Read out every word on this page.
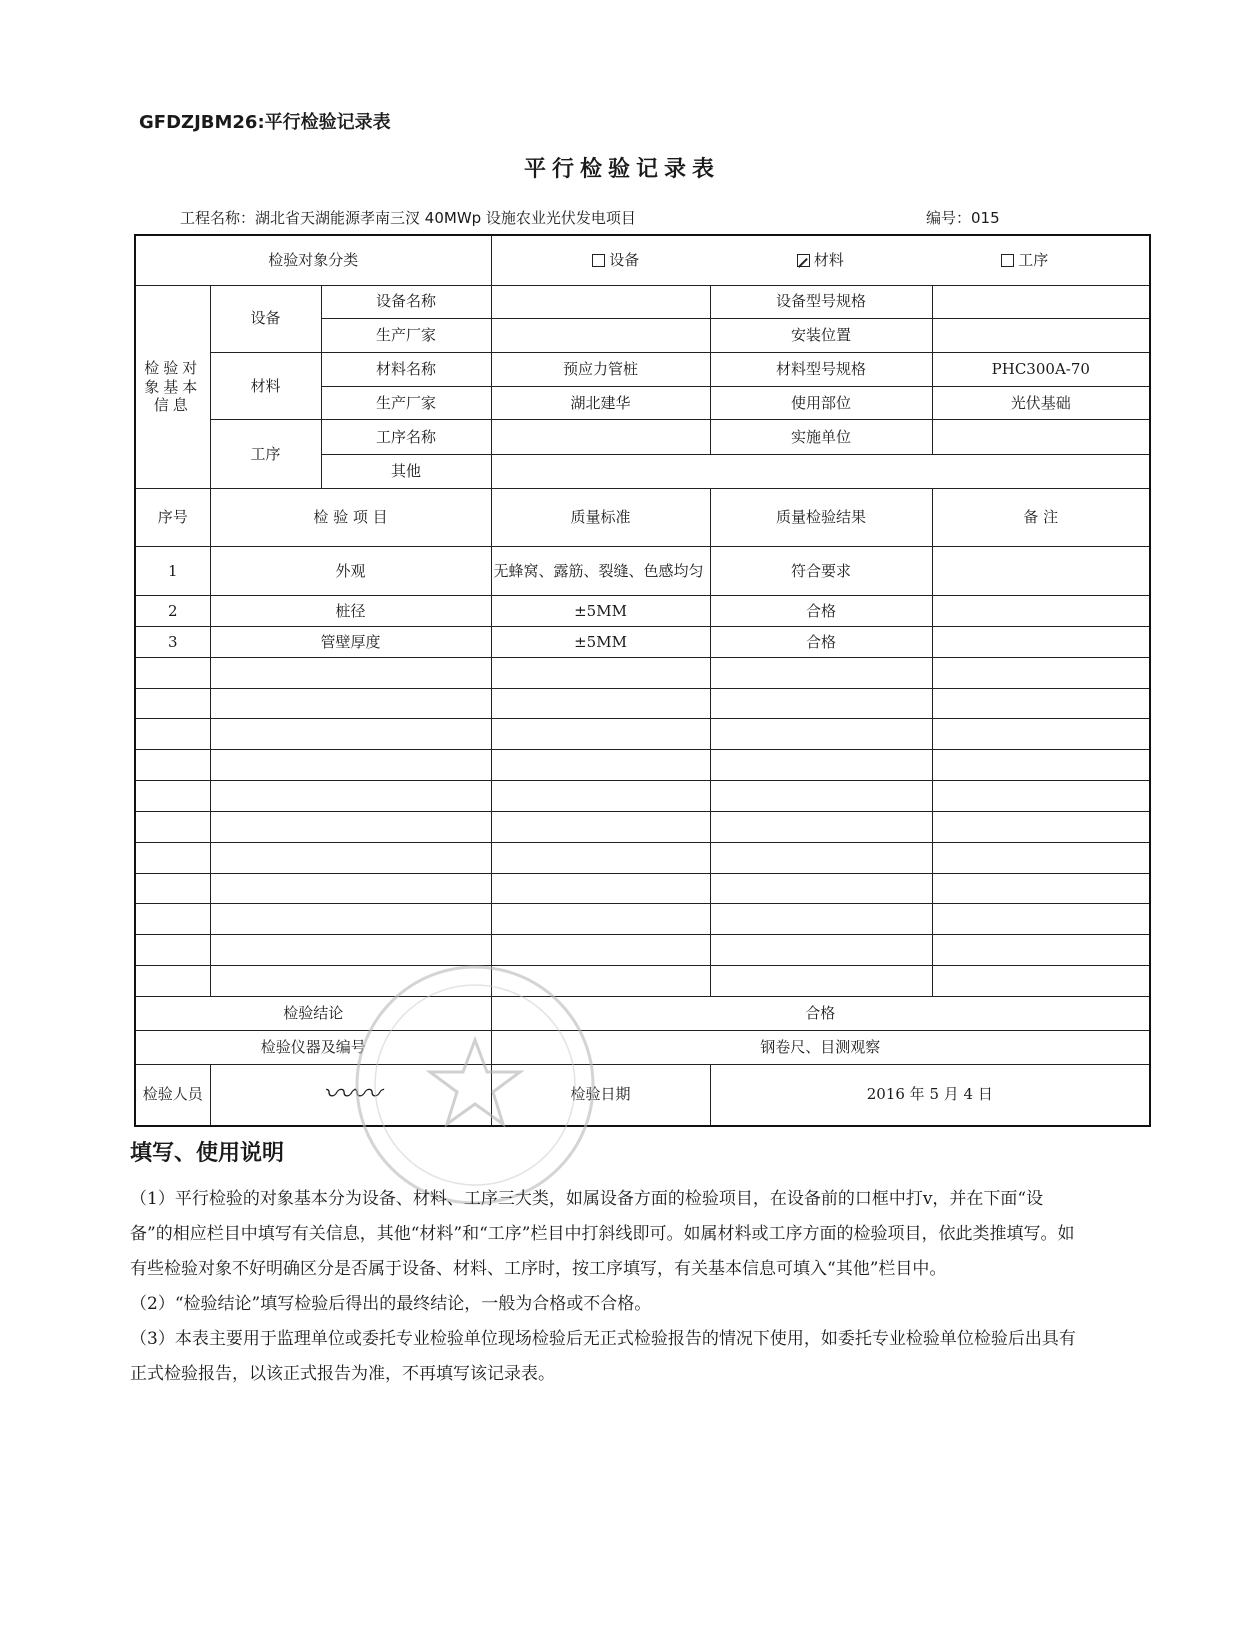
GFDZJBM26:平行检验记录表
平行检验记录表
工程名称：湖北省天湖能源孝南三汊 40MWp 设施农业光伏发电项目	编号：015
检验对象分类			设备 材料 工序		

检验对象基本信息	设备	设备名称		设备型号规格	
		生产厂家		安装位置	
	材料	材料名称	预应力管桩	材料型号规格	PHC300A-70
		生产厂家	湖北建华	使用部位	光伏基础
	工序	工序名称		实施单位	
		其他			
序号	检 验 项 目		质量标准	质量检验结果	备 注
1	外观		无蜂窝、露筋、裂缝、色感均匀	符合要求	
2	桩径		±5MM	合格	
3	管壁厚度		±5MM	合格	

检验结论			合格		
检验仪器及编号			钢卷尺、目测观察		
检验人员	〰〰		检验日期	2016 年 5 月 4 日	
填写、使用说明

（1）平行检验的对象基本分为设备、材料、工序三大类，如属设备方面的检验项目，在设备前的口框中打v，并在下面“设备”的相应栏目中填写有关信息，其他“材料”和“工序”栏目中打斜线即可。如属材料或工序方面的检验项目，依此类推填写。如有些检验对象不好明确区分是否属于设备、材料、工序时，按工序填写，有关基本信息可填入“其他”栏目中。

（2）“检验结论”填写检验后得出的最终结论，一般为合格或不合格。

（3）本表主要用于监理单位或委托专业检验单位现场检验后无正式检验报告的情况下使用，如委托专业检验单位检验后出具有正式检验报告，以该正式报告为准，不再填写该记录表。
